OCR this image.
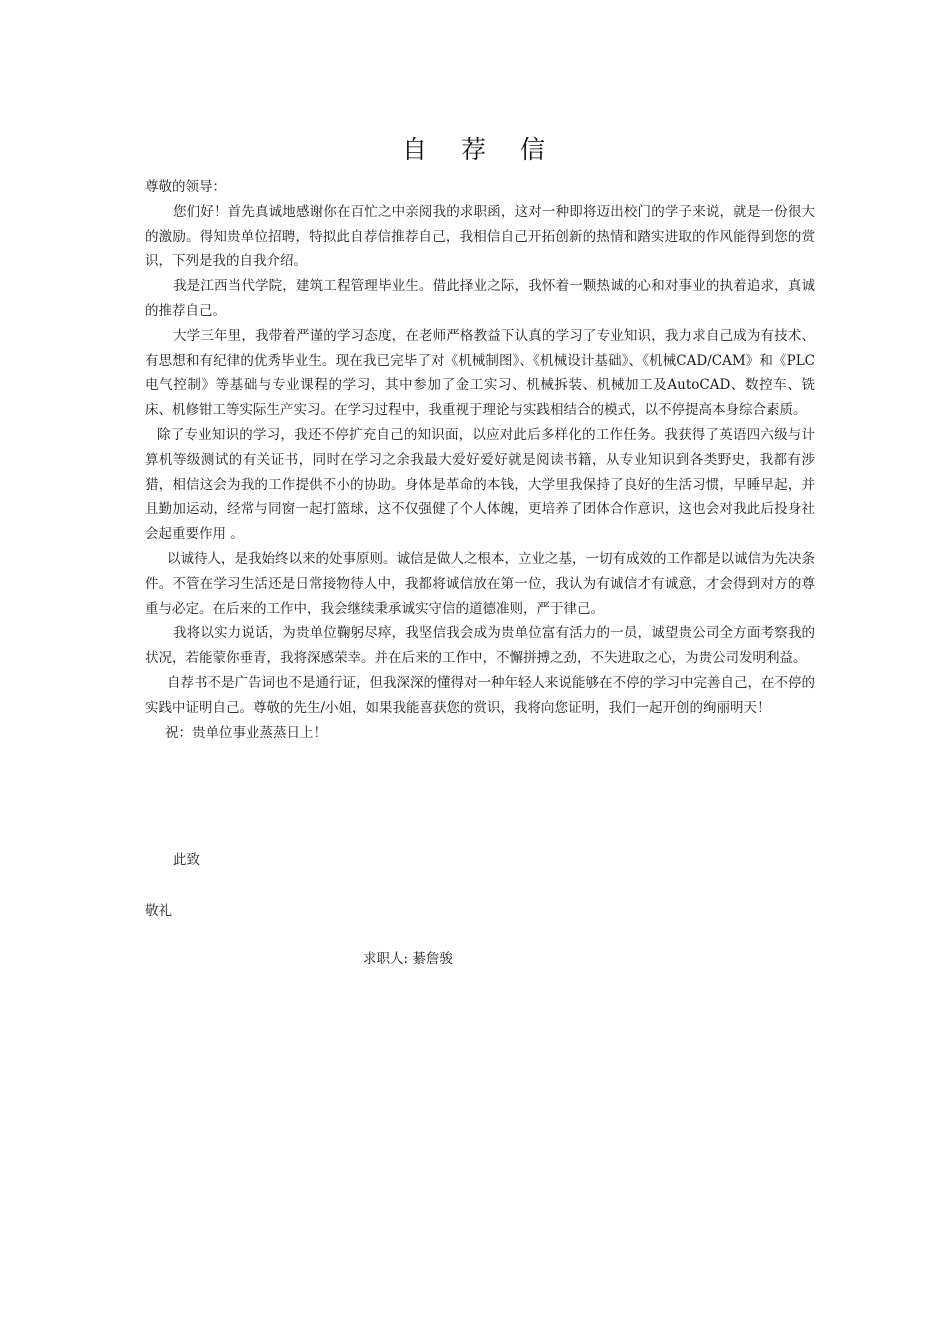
自 荐 信

尊敬的领导：

您们好！首先真诚地感谢你在百忙之中亲阅我的求职函，这对一种即将迈出校门的学子来说，就是一份很大的激励。得知贵单位招聘，特拟此自荐信推荐自己，我相信自己开拓创新的热情和踏实进取的作风能得到您的赏识，下列是我的自我介绍。

我是江西当代学院，建筑工程管理毕业生。借此择业之际，我怀着一颗热诚的心和对事业的执着追求，真诚的推荐自己。

大学三年里，我带着严谨的学习态度，在老师严格教益下认真的学习了专业知识，我力求自己成为有技术、有思想和有纪律的优秀毕业生。现在我已完毕了对《机械制图》、《机械设计基础》、《机械CAD/CAM》和《PLC电气控制》等基础与专业课程的学习，其中参加了金工实习、机械拆装、机械加工及AutoCAD、数控车、铣床、机修钳工等实际生产实习。在学习过程中，我重视于理论与实践相结合的模式，以不停提高本身综合素质。

除了专业知识的学习，我还不停扩充自己的知识面，以应对此后多样化的工作任务。我获得了英语四六级与计算机等级测试的有关证书，同时在学习之余我最大爱好爱好就是阅读书籍，从专业知识到各类野史，我都有涉猎，相信这会为我的工作提供不小的协助。身体是革命的本钱，大学里我保持了良好的生活习惯，早睡早起，并且勤加运动，经常与同窗一起打篮球，这不仅强健了个人体魄，更培养了团体合作意识，这也会对我此后投身社会起重要作用 。

以诚待人，是我始终以来的处事原则。诚信是做人之根本，立业之基，一切有成效的工作都是以诚信为先决条件。不管在学习生活还是日常接物待人中，我都将诚信放在第一位，我认为有诚信才有诚意，才会得到对方的尊重与必定。在后来的工作中，我会继续秉承诚实守信的道德准则，严于律己。

我将以实力说话，为贵单位鞠躬尽瘁，我坚信我会成为贵单位富有活力的一员，诚望贵公司全方面考察我的状况，若能蒙你垂青，我将深感荣幸。并在后来的工作中，不懈拼搏之劲，不失进取之心，为贵公司发明利益。

自荐书不是广告词也不是通行证，但我深深的懂得对一种年轻人来说能够在不停的学习中完善自己，在不停的实践中证明自己。尊敬的先生/小姐，如果我能喜获您的赏识，我将向您证明，我们一起开创的绚丽明天！

祝：贵单位事业蒸蒸日上！

此致
敬礼
求职人: 綦詹骏
